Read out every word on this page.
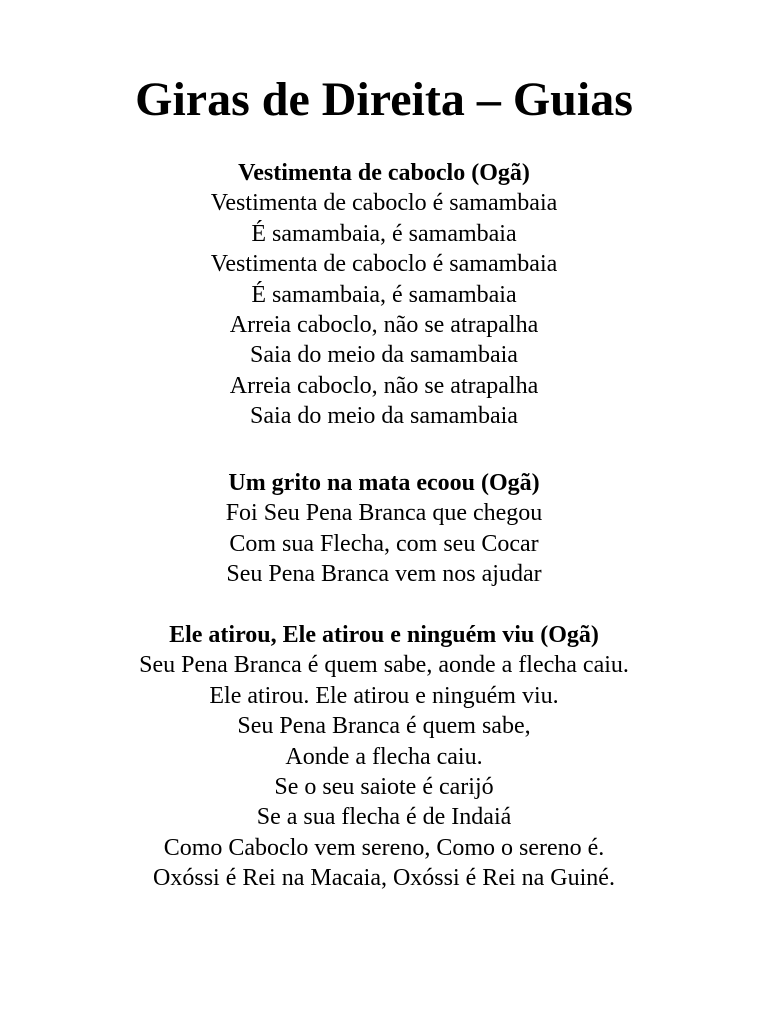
Giras de Direita – Guias
Vestimenta de caboclo (Ogã)
Vestimenta de caboclo é samambaia
É samambaia, é samambaia
Vestimenta de caboclo é samambaia
É samambaia, é samambaia
Arreia caboclo, não se atrapalha
Saia do meio da samambaia
Arreia caboclo, não se atrapalha
Saia do meio da samambaia
Um grito na mata ecoou (Ogã)
Foi Seu Pena Branca que chegou
Com sua Flecha, com seu Cocar
Seu Pena Branca vem nos ajudar
Ele atirou, Ele atirou e ninguém viu (Ogã)
Seu Pena Branca é quem sabe, aonde a flecha caiu.
Ele atirou. Ele atirou e ninguém viu.
Seu Pena Branca é quem sabe,
Aonde a flecha caiu.
Se o seu saiote é carijó
Se a sua flecha é de Indaiá
Como Caboclo vem sereno, Como o sereno é.
Oxóssi é Rei na Macaia, Oxóssi é Rei na Guiné.
